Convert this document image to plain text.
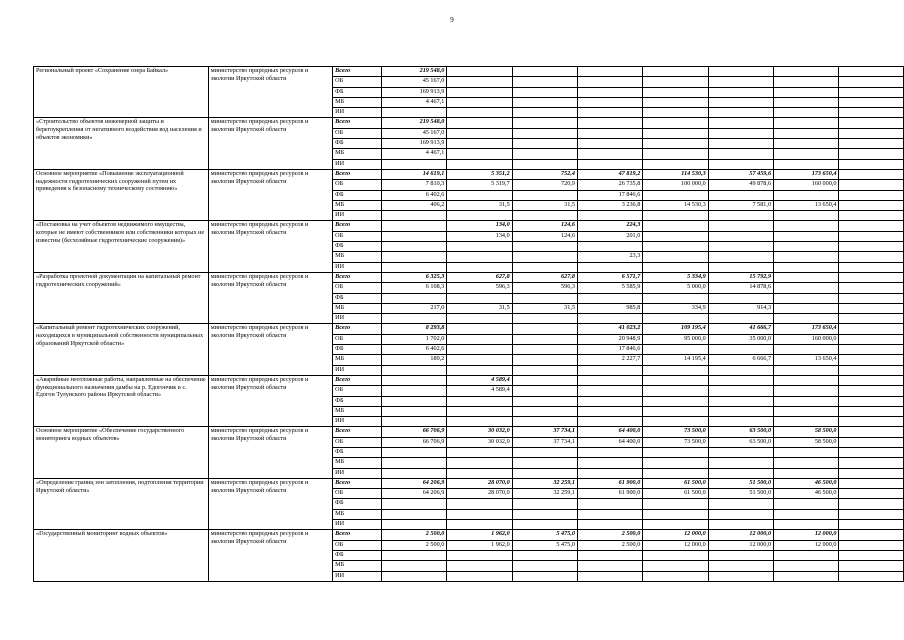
9
Региональный проект «Сохранение озера Байкал»	министерство природных ресурсов и экологии Иркутской области	Всего	219 548,0							
		ОБ	45 167,0							
		ФБ	169 913,9							
		МБ	4 467,1							
		ИИ								
«Строительство объектов инженерной защиты и берегоукрепления от негативного воздействия вод населения и объектов экономики»	министерство природных ресурсов и экологии Иркутской области	Всего	219 548,0							
		ОБ	45 167,0							
		ФБ	169 913,9							
		МБ	4 467,1							
		ИИ								
Основное мероприятие «Повышение эксплуатационной надежности гидротехнических сооружений путем их приведения к безопасному техническому состоянию»	министерство природных ресурсов и экологии Иркутской области	Всего	14 619,1	5 351,2	752,4	47 819,2	114 530,3	57 459,6	173 650,4	
		ОБ	7 810,3	5 319,7	720,9	26 735,8	100 000,0	49 878,6	160 000,0	
		ФБ	6 402,6			17 846,6				
		МБ	406,2	31,5	31,5	3 236,8	14 530,3	7 581,0	13 650,4	
		ИИ								
«Постановка на учет объектов недвижимого имущества, которые не имеют собственников или собственники которых не известны (бесхозяйные гидротехнические сооружения)»	министерство природных ресурсов и экологии Иркутской области	Всего		134,0	124,6	224,3				
		ОБ		134,0	124,6	201,0				
		ФБ								
		МБ				23,3				
		ИИ								
«Разработка проектной документации на капитальный ремонт гидротехнических сооружений»	министерство природных ресурсов и экологии Иркутской области	Всего	6 325,3	627,8	627,8	6 571,7	5 334,9	15 792,9		
		ОБ	6 108,3	596,3	596,3	5 585,9	5 000,0	14 878,6		
		ФБ								
		МБ	217,0	31,5	31,5	985,8	334,9	914,3		
		ИИ								
«Капитальный ремонт гидротехнических сооружений, находящихся в муниципальной собственности муниципальных образований Иркутской области»	министерство природных ресурсов и экологии Иркутской области	Всего	8 293,8			41 023,2	109 195,4	41 666,7	173 650,4	
		ОБ	1 702,0			20 948,9	95 000,0	35 000,0	160 000,0	
		ФБ	6 402,6			17 846,6				
		МБ	189,2			2 227,7	14 195,4	6 666,7	13 650,4	
		ИИ								
«Аварийные неотложные работы, направленные на обеспечение функционального назначения дамбы на р. Едогончик в с. Едогон Тулунского района Иркутской области»	министерство природных ресурсов и экологии Иркутской области	Всего		4 589,4						
		ОБ		4 589,4						
		ФБ								
		МБ								
		ИИ								
Основное мероприятие «Обеспечение государственного мониторинга водных объектов»	министерство природных ресурсов и экологии Иркутской области	Всего	66 706,9	30 032,0	37 734,1	64 400,0	73 500,0	63 500,0	58 500,0	
		ОБ	66 706,9	30 032,0	37 734,1	64 400,0	73 500,0	63 500,0	58 500,0	
		ФБ								
		МБ								
		ИИ								
«Определение границ зон затопления, подтопления территории Иркутской области»	министерство природных ресурсов и экологии Иркутской области	Всего	64 206,9	28 070,0	32 259,1	61 900,0	61 500,0	51 500,0	46 500,0	
		ОБ	64 206,9	28 070,0	32 259,1	61 900,0	61 500,0	51 500,0	46 500,0	
		ФБ								
		МБ								
		ИИ								
«Государственный мониторинг водных объектов»	министерство природных ресурсов и экологии Иркутской области	Всего	2 500,0	1 962,0	5 475,0	2 500,0	12 000,0	12 000,0	12 000,0	
		ОБ	2 500,0	1 962,0	5 475,0	2 500,0	12 000,0	12 000,0	12 000,0	
		ФБ								
		МБ								
		ИИ								
